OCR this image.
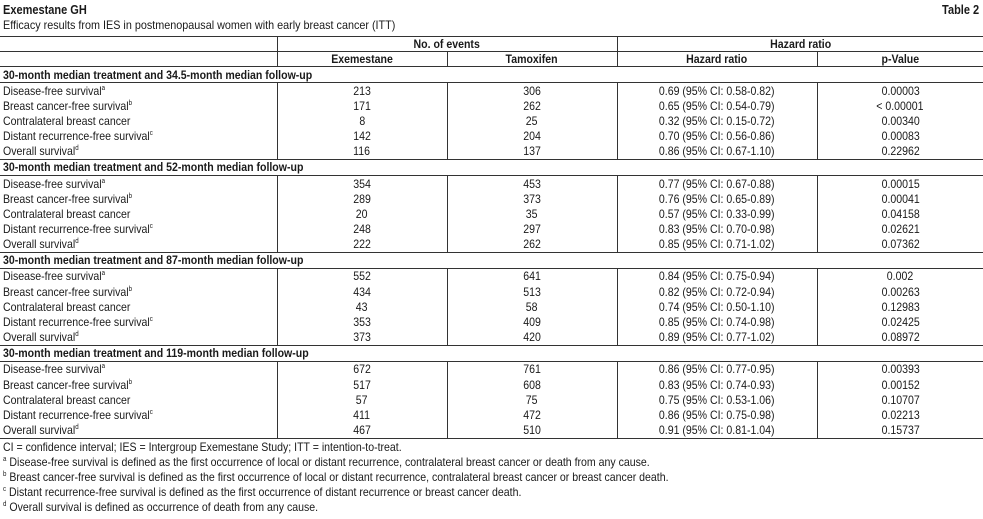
Exemestane GH	Table 2
Efficacy results from IES in postmenopausal women with early breast cancer (ITT)
	No. of events		Hazard ratio	
	Exemestane	Tamoxifen	Hazard ratio	p-Value
30-month median treatment and 34.5-month median follow-up				
Disease-free survival$^a$	213	306	0.69 (95% CI: 0.58-0.82)	0.00003
Breast cancer-free survival$^b$	171	262	0.65 (95% CI: 0.54-0.79)	< 0.00001
Contralateral breast cancer	8	25	0.32 (95% CI: 0.15-0.72)	0.00340
Distant recurrence-free survival$^c$	142	204	0.70 (95% CI: 0.56-0.86)	0.00083
Overall survival$^d$	116	137	0.86 (95% CI: 0.67-1.10)	0.22962
30-month median treatment and 52-month median follow-up				
Disease-free survival$^a$	354	453	0.77 (95% CI: 0.67-0.88)	0.00015
Breast cancer-free survival$^b$	289	373	0.76 (95% CI: 0.65-0.89)	0.00041
Contralateral breast cancer	20	35	0.57 (95% CI: 0.33-0.99)	0.04158
Distant recurrence-free survival$^c$	248	297	0.83 (95% CI: 0.70-0.98)	0.02621
Overall survival$^d$	222	262	0.85 (95% CI: 0.71-1.02)	0.07362
30-month median treatment and 87-month median follow-up				
Disease-free survival$^a$	552	641	0.84 (95% CI: 0.75-0.94)	0.002
Breast cancer-free survival$^b$	434	513	0.82 (95% CI: 0.72-0.94)	0.00263
Contralateral breast cancer	43	58	0.74 (95% CI: 0.50-1.10)	0.12983
Distant recurrence-free survival$^c$	353	409	0.85 (95% CI: 0.74-0.98)	0.02425
Overall survival$^d$	373	420	0.89 (95% CI: 0.77-1.02)	0.08972
30-month median treatment and 119-month median follow-up				
Disease-free survival$^a$	672	761	0.86 (95% CI: 0.77-0.95)	0.00393
Breast cancer-free survival$^b$	517	608	0.83 (95% CI: 0.74-0.93)	0.00152
Contralateral breast cancer	57	75	0.75 (95% CI: 0.53-1.06)	0.10707
Distant recurrence-free survival$^c$	411	472	0.86 (95% CI: 0.75-0.98)	0.02213
Overall survival$^d$	467	510	0.91 (95% CI: 0.81-1.04)	0.15737
CI = confidence interval; IES = Intergroup Exemestane Study; ITT = intention-to-treat.
$^a$ Disease-free survival is defined as the first occurrence of local or distant recurrence, contralateral breast cancer or death from any cause.
$^b$ Breast cancer-free survival is defined as the first occurrence of local or distant recurrence, contralateral breast cancer or breast cancer death.
$^c$ Distant recurrence-free survival is defined as the first occurrence of distant recurrence or breast cancer death.
$^d$ Overall survival is defined as occurrence of death from any cause.
